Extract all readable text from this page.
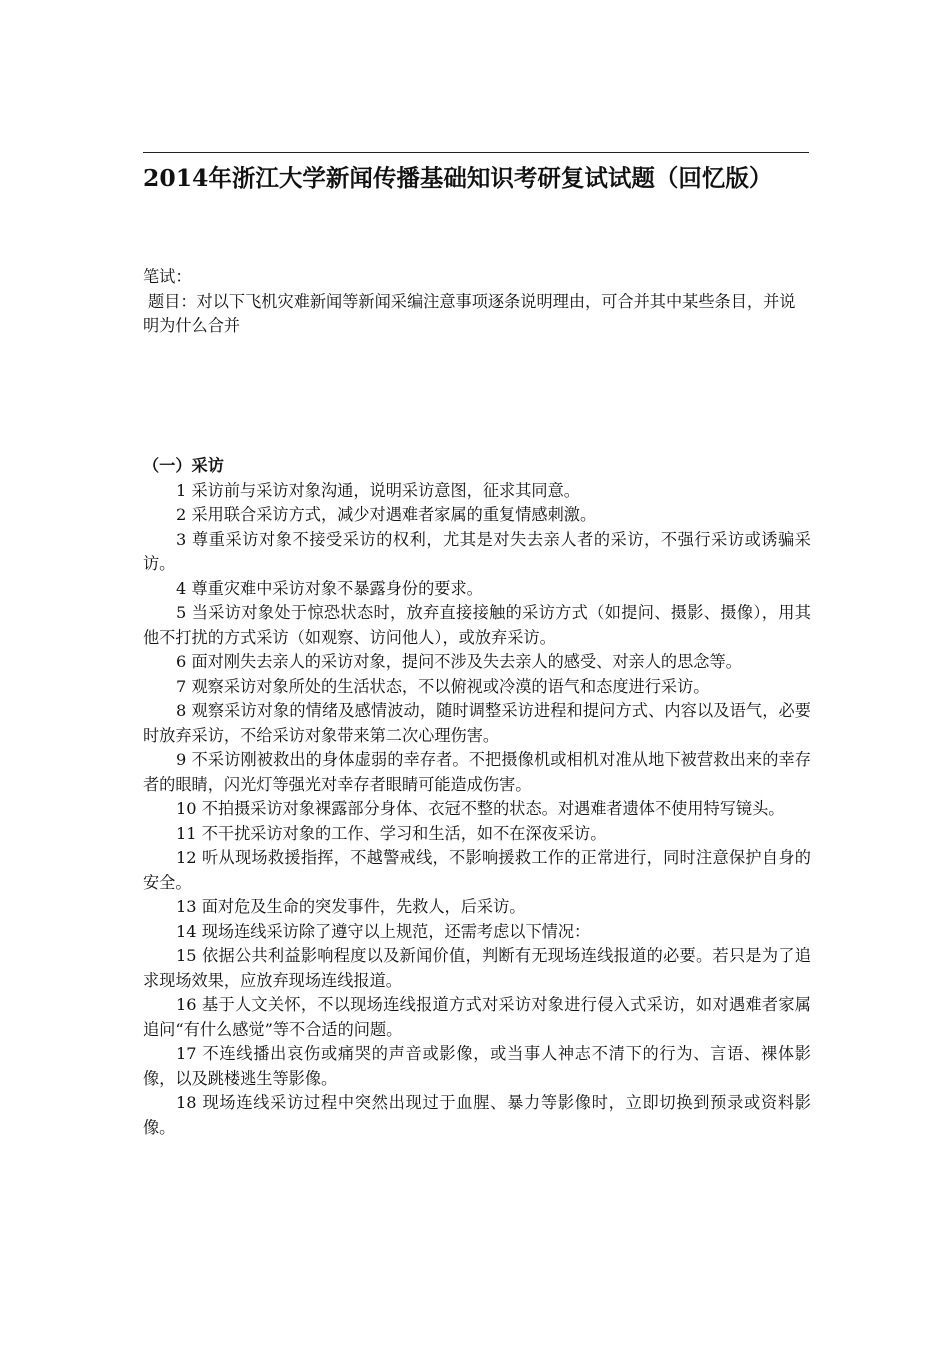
2014年浙江大学新闻传播基础知识考研复试试题（回忆版）

笔试：

题目：对以下飞机灾难新闻等新闻采编注意事项逐条说明理由，可合并其中某些条目，并说明为什么合并

（一）采访

1 采访前与采访对象沟通，说明采访意图，征求其同意。

2 采用联合采访方式，减少对遇难者家属的重复情感刺激。

3 尊重采访对象不接受采访的权利，尤其是对失去亲人者的采访，不强行采访或诱骗采访。

4 尊重灾难中采访对象不暴露身份的要求。

5 当采访对象处于惊恐状态时，放弃直接接触的采访方式（如提问、摄影、摄像），用其他不打扰的方式采访（如观察、访问他人），或放弃采访。

6 面对刚失去亲人的采访对象，提问不涉及失去亲人的感受、对亲人的思念等。

7 观察采访对象所处的生活状态，不以俯视或冷漠的语气和态度进行采访。

8 观察采访对象的情绪及感情波动，随时调整采访进程和提问方式、内容以及语气，必要时放弃采访，不给采访对象带来第二次心理伤害。

9 不采访刚被救出的身体虚弱的幸存者。不把摄像机或相机对准从地下被营救出来的幸存者的眼睛，闪光灯等强光对幸存者眼睛可能造成伤害。

10 不拍摄采访对象裸露部分身体、衣冠不整的状态。对遇难者遗体不使用特写镜头。

11 不干扰采访对象的工作、学习和生活，如不在深夜采访。

12 听从现场救援指挥，不越警戒线，不影响援救工作的正常进行，同时注意保护自身的安全。

13 面对危及生命的突发事件，先救人，后采访。

14 现场连线采访除了遵守以上规范，还需考虑以下情况：

15 依据公共利益影响程度以及新闻价值，判断有无现场连线报道的必要。若只是为了追求现场效果，应放弃现场连线报道。

16 基于人文关怀，不以现场连线报道方式对采访对象进行侵入式采访，如对遇难者家属追问“有什么感觉”等不合适的问题。

17 不连线播出哀伤或痛哭的声音或影像，或当事人神志不清下的行为、言语、裸体影像，以及跳楼逃生等影像。

18 现场连线采访过程中突然出现过于血腥、暴力等影像时，立即切换到预录或资料影像。
